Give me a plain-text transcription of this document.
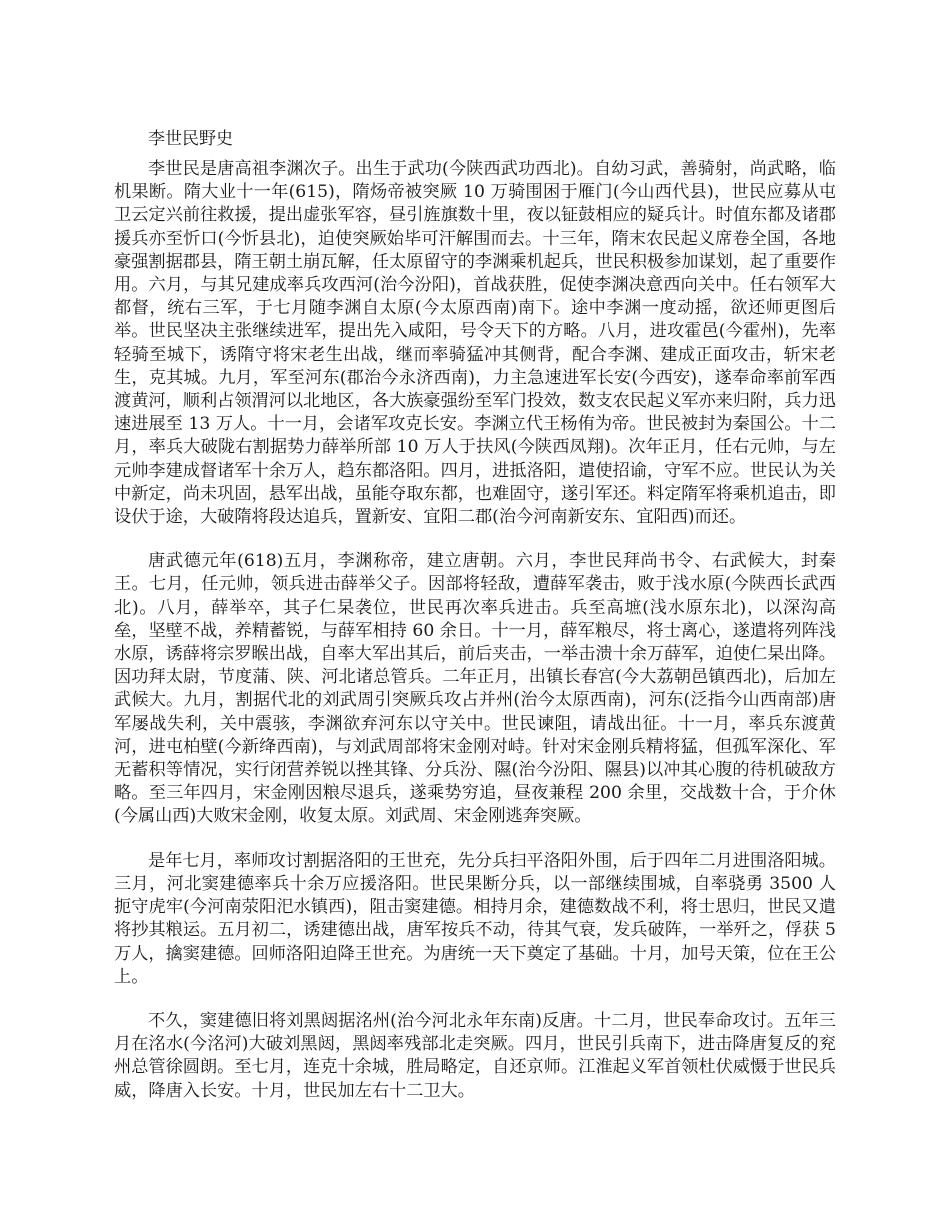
李世民野史

李世民是唐高祖李渊次子。出生于武功(今陕西武功西北)。自幼习武，善骑射，尚武略，临机果断。隋大业十一年(615)，隋炀帝被突厥 10 万骑围困于雁门(今山西代县)，世民应募从屯卫云定兴前往救援，提出虚张军容，昼引旌旗数十里，夜以钲鼓相应的疑兵计。时值东都及诸郡援兵亦至忻口(今忻县北)，迫使突厥始毕可汗解围而去。十三年，隋末农民起义席卷全国，各地豪强割据郡县，隋王朝土崩瓦解，任太原留守的李渊乘机起兵，世民积极参加谋划，起了重要作用。六月，与其兄建成率兵攻西河(治今汾阳)，首战获胜，促使李渊决意西向关中。任右领军大都督，统右三军，于七月随李渊自太原(今太原西南)南下。途中李渊一度动摇，欲还师更图后举。世民坚决主张继续进军，提出先入咸阳，号令天下的方略。八月，进攻霍邑(今霍州)，先率轻骑至城下，诱隋守将宋老生出战，继而率骑猛冲其侧背，配合李渊、建成正面攻击，斩宋老生，克其城。九月，军至河东(郡治今永济西南)，力主急速进军长安(今西安)，遂奉命率前军西渡黄河，顺利占领渭河以北地区，各大族豪强纷至军门投效，数支农民起义军亦来归附，兵力迅速进展至 13 万人。十一月，会诸军攻克长安。李渊立代王杨侑为帝。世民被封为秦国公。十二月，率兵大破陇右割据势力薛举所部 10 万人于扶风(今陕西凤翔)。次年正月，任右元帅，与左元帅李建成督诸军十余万人，趋东都洛阳。四月，进抵洛阳，遣使招谕，守军不应。世民认为关中新定，尚未巩固，悬军出战，虽能夺取东都，也难固守，遂引军还。料定隋军将乘机追击，即设伏于途，大破隋将段达追兵，置新安、宜阳二郡(治今河南新安东、宜阳西)而还。

唐武德元年(618)五月，李渊称帝，建立唐朝。六月，李世民拜尚书令、右武候大，封秦王。七月，任元帅，领兵进击薛举父子。因部将轻敌，遭薛军袭击，败于浅水原(今陕西长武西北)。八月，薛举卒，其子仁杲袭位，世民再次率兵进击。兵至高墌(浅水原东北)，以深沟高垒，坚壁不战，养精蓄锐，与薛军相持 60 余日。十一月，薛军粮尽，将士离心，遂遣将列阵浅水原，诱薛将宗罗睺出战，自率大军出其后，前后夹击，一举击溃十余万薛军，迫使仁杲出降。因功拜太尉，节度蒲、陕、河北诸总管兵。二年正月，出镇长春宫(今大荔朝邑镇西北)，后加左武候大。九月，割据代北的刘武周引突厥兵攻占并州(治今太原西南)，河东(泛指今山西南部)唐军屡战失利，关中震骇，李渊欲弃河东以守关中。世民谏阻，请战出征。十一月，率兵东渡黄河，进屯柏壁(今新绛西南)，与刘武周部将宋金刚对峙。针对宋金刚兵精将猛，但孤军深化、军无蓄积等情况，实行闭营养锐以挫其锋、分兵汾、隰(治今汾阳、隰县)以冲其心腹的待机破敌方略。至三年四月，宋金刚因粮尽退兵，遂乘势穷追，昼夜兼程 200 余里，交战数十合，于介休(今属山西)大败宋金刚，收复太原。刘武周、宋金刚逃奔突厥。

是年七月，率师攻讨割据洛阳的王世充，先分兵扫平洛阳外围，后于四年二月进围洛阳城。三月，河北窦建德率兵十余万应援洛阳。世民果断分兵，以一部继续围城，自率骁勇 3500 人扼守虎牢(今河南荥阳汜水镇西)，阻击窦建德。相持月余，建德数战不利，将士思归，世民又遣将抄其粮运。五月初二，诱建德出战，唐军按兵不动，待其气衰，发兵破阵，一举歼之，俘获 5 万人，擒窦建德。回师洛阳迫降王世充。为唐统一天下奠定了基础。十月，加号天策，位在王公上。

不久，窦建德旧将刘黑闼据洺州(治今河北永年东南)反唐。十二月，世民奉命攻讨。五年三月在洺水(今洺河)大破刘黑闼，黑闼率残部北走突厥。四月，世民引兵南下，进击降唐复反的兖州总管徐圆朗。至七月，连克十余城，胜局略定，自还京师。江淮起义军首领杜伏威慑于世民兵威，降唐入长安。十月，世民加左右十二卫大。
